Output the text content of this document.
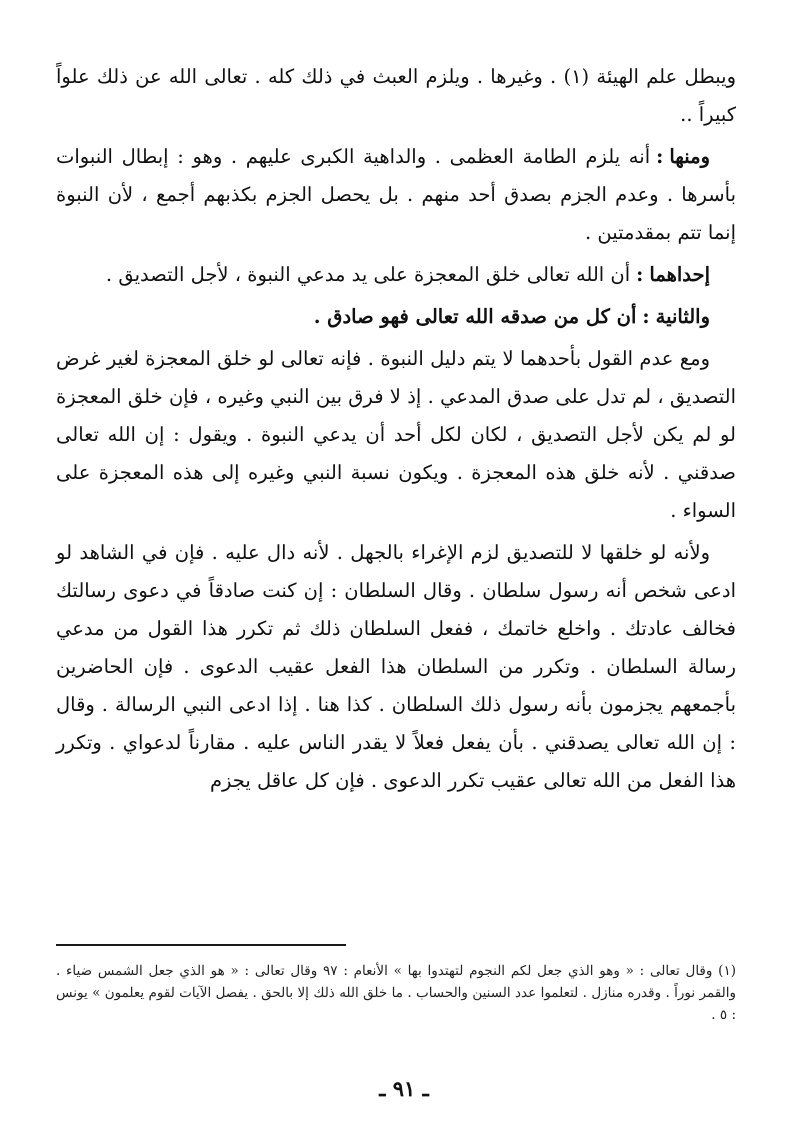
ويبطل علم الهيئة (١) . وغيرها . ويلزم العبث في ذلك كله . تعالى الله عن ذلك علواً كبيراً ..

ومنها:أنه يلزم الطامة العظمى . والداهية الكبرى عليهم . وهو : إبطال النبوات بأسرها . وعدم الجزم بصدق أحد منهم . بل يحصل الجزم بكذبهم أجمع ، لأن النبوة إنما تتم بمقدمتين .

إحداهما:أن الله تعالى خلق المعجزة على يد مدعي النبوة ، لأجل التصديق .

والثانية:أن كل من صدقه الله تعالى فهو صادق .

ومع عدم القول بأحدهما لا يتم دليل النبوة . فإنه تعالى لو خلق المعجزة لغير غرض التصديق ، لم تدل على صدق المدعي . إذ لا فرق بين النبي وغيره ، فإن خلق المعجزة لو لم يكن لأجل التصديق ، لكان لكل أحد أن يدعي النبوة . ويقول : إن الله تعالى صدقني . لأنه خلق هذه المعجزة . ويكون نسبة النبي وغيره إلى هذه المعجزة على السواء .

ولأنه لو خلقها لا للتصديق لزم الإغراء بالجهل . لأنه دال عليه . فإن في الشاهد لو ادعى شخص أنه رسول سلطان . وقال السلطان : إن كنت صادقاً في دعوى رسالتك فخالف عادتك . واخلع خاتمك ، ففعل السلطان ذلك ثم تكرر هذا القول من مدعي رسالة السلطان . وتكرر من السلطان هذا الفعل عقيب الدعوى . فإن الحاضرين بأجمعهم يجزمون بأنه رسول ذلك السلطان . كذا هنا . إذا ادعى النبي الرسالة . وقال : إن الله تعالى يصدقني . بأن يفعل فعلاً لا يقدر الناس عليه . مقارناً لدعواي . وتكرر هذا الفعل من الله تعالى عقيب تكرر الدعوى . فإن كل عاقل يجزم

(١) وقال تعالى : « وهو الذي جعل لكم النجوم لتهتدوا بها » الأنعام : ٩٧ وقال تعالى : « هو الذي جعل الشمس ضياء . والقمر نوراً . وقدره منازل . لتعلموا عدد السنين والحساب . ما خلق الله ذلك إلا بالحق . يفصل الآيات لقوم يعلمون » يونس : ٥ .
ـ ٩١ ـ
